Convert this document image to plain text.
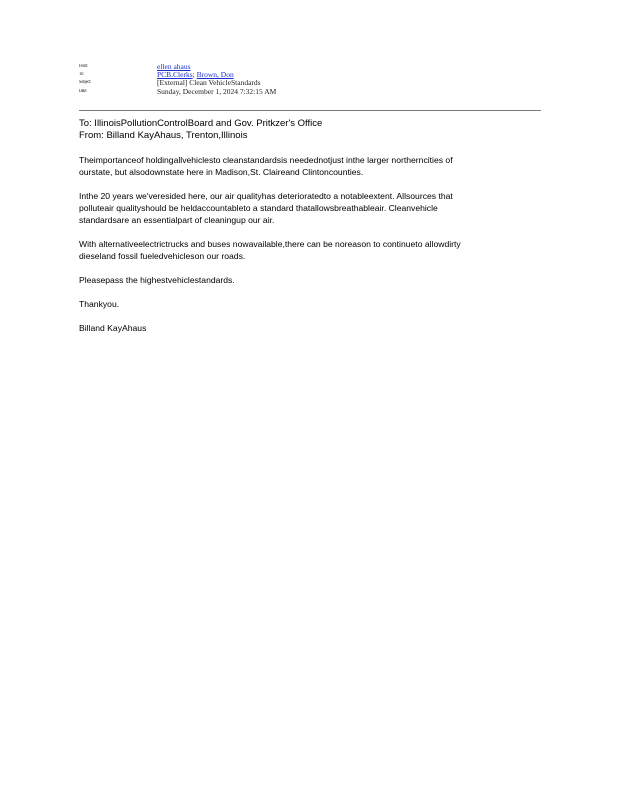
From:	ellen ahaus
To:	PCB.Clerks; Brown, Don
Subject:	[External] Clean VehicleStandards
Date:	Sunday, December 1, 2024 7:32:15 AM
To: IllinoisPollutionControlBoard and Gov. Pritkzer's Office
From: Billand KayAhaus, Trenton,Illinois
Theimportanceof holdingallvehiclesto cleanstandardsis needednotjust inthe larger northerncities of
ourstate, but alsodownstate here in Madison,St. Claireand Clintoncounties.
Inthe 20 years we'veresided here, our air qualityhas deterioratedto a notableextent. Allsources that
polluteair qualityshould be heldaccountableto a standard thatallowsbreathableair. Cleanvehicle
standardsare an essentialpart of cleaningup our air.
With alternativeelectrictrucks and buses nowavailable,there can be noreason to continueto allowdirty
dieseland fossil fueledvehicleson our roads.
Pleasepass the highestvehiclestandards.
Thankyou.
Billand KayAhaus
